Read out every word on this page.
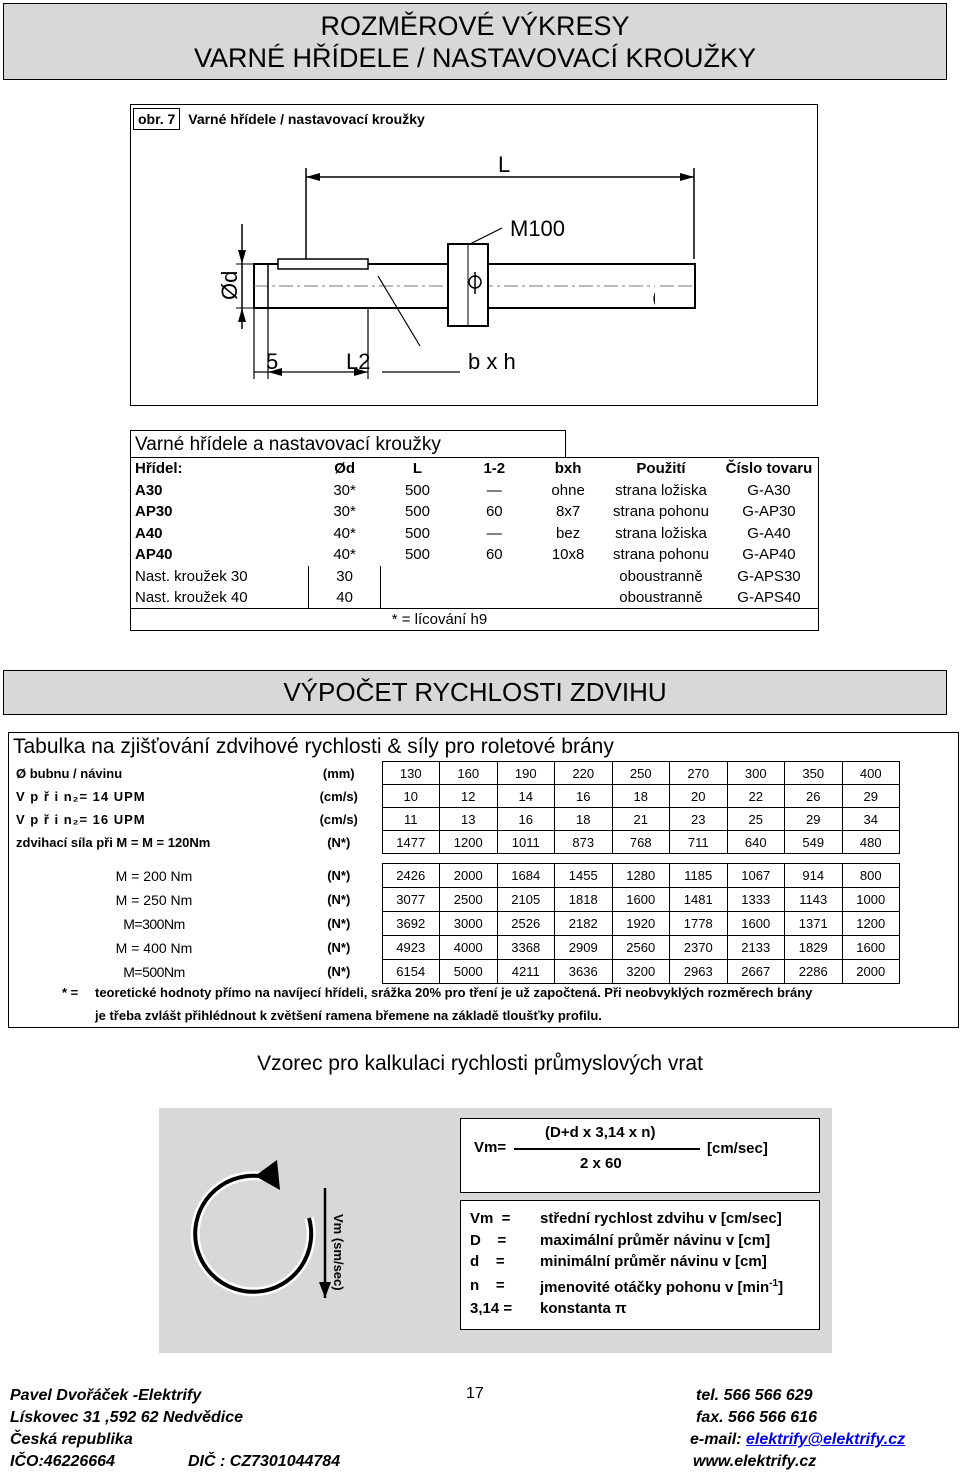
ROZMĚROVÉ VÝKRESY
VARNÉ HŘÍDELE / NASTAVOVACÍ KROUŽKY
obr. 7 Varné hřídele / nastavovací kroužky
L
M100
Ød
5	L2	b x h
Varné hřídele a nastavovací kroužky
Hřídel:	Ød	L	1-2	bxh	Použití	Číslo tovaru
A30	30*	500	—	ohne	strana ložiska	G-A30
AP30	30*	500	60	8x7	strana pohonu	G-AP30
A40	40*	500	—	bez	strana ložiska	G-A40
AP40	40*	500	60	10x8	strana pohonu	G-AP40
Nast. kroužek 30	30				oboustranně	G-APS30
Nast. kroužek 40	40				oboustranně	G-APS40
	* = lícování h9					
VÝPOČET RYCHLOSTI ZDVIHU
Tabulka na zjišťování zdvihové rychlosti & síly pro roletové brány
Ø bubnu / návinu	(mm)	130	160	190	220	250	270	300	350	400
V p ř i n₂= 14 UPM	(cm/s)	10	12	14	16	18	20	22	26	29
V p ř i n₂= 16 UPM	(cm/s)	11	13	16	18	21	23	25	29	34
zdvihací síla při M = M = 120Nm	(N*)	1477	1200	1011	873	768	711	640	549	480

M = 200 Nm	(N*)	2426	2000	1684	1455	1280	1185	1067	914	800
M = 250 Nm	(N*)	3077	2500	2105	1818	1600	1481	1333	1143	1000
M=300Nm	(N*)	3692	3000	2526	2182	1920	1778	1600	1371	1200
M = 400 Nm	(N*)	4923	4000	3368	2909	2560	2370	2133	1829	1600
M=500Nm	(N*)	6154	5000	4211	3636	3200	2963	2667	2286	2000
* = teoretické hodnoty přímo na navíjecí hřídeli, srážka 20% pro tření je už započtená. Při neobvyklých rozměrech brány
je třeba zvlášt přihlédnout k zvětšení ramena břemene na základě tloušťky profilu.
Vzorec pro kalkulaci rychlosti průmyslových vrat
Vm (sm/sec)
Vm=
(D+d x 3,14 x n)
2 x 60
[cm/sec]
Vm  =	střední rychlost zdvihu v [cm/sec]
D    =	maximální průměr návinu v [cm]
d    =	minimální průměr návinu v [cm]
n    =	jmenovité otáčky pohonu v $[\min^{-1}]$
3,14 =	konstanta π
Pavel Dvořáček -Elektrify
Lískovec 31 ,592 62 Nedvědice
Česká republika
IČO:46226664	DIČ : CZ7301044784
17	tel. 566 566 629
fax. 566 566 616
e-mail: elektrify@elektrify.cz
www.elektrify.cz
